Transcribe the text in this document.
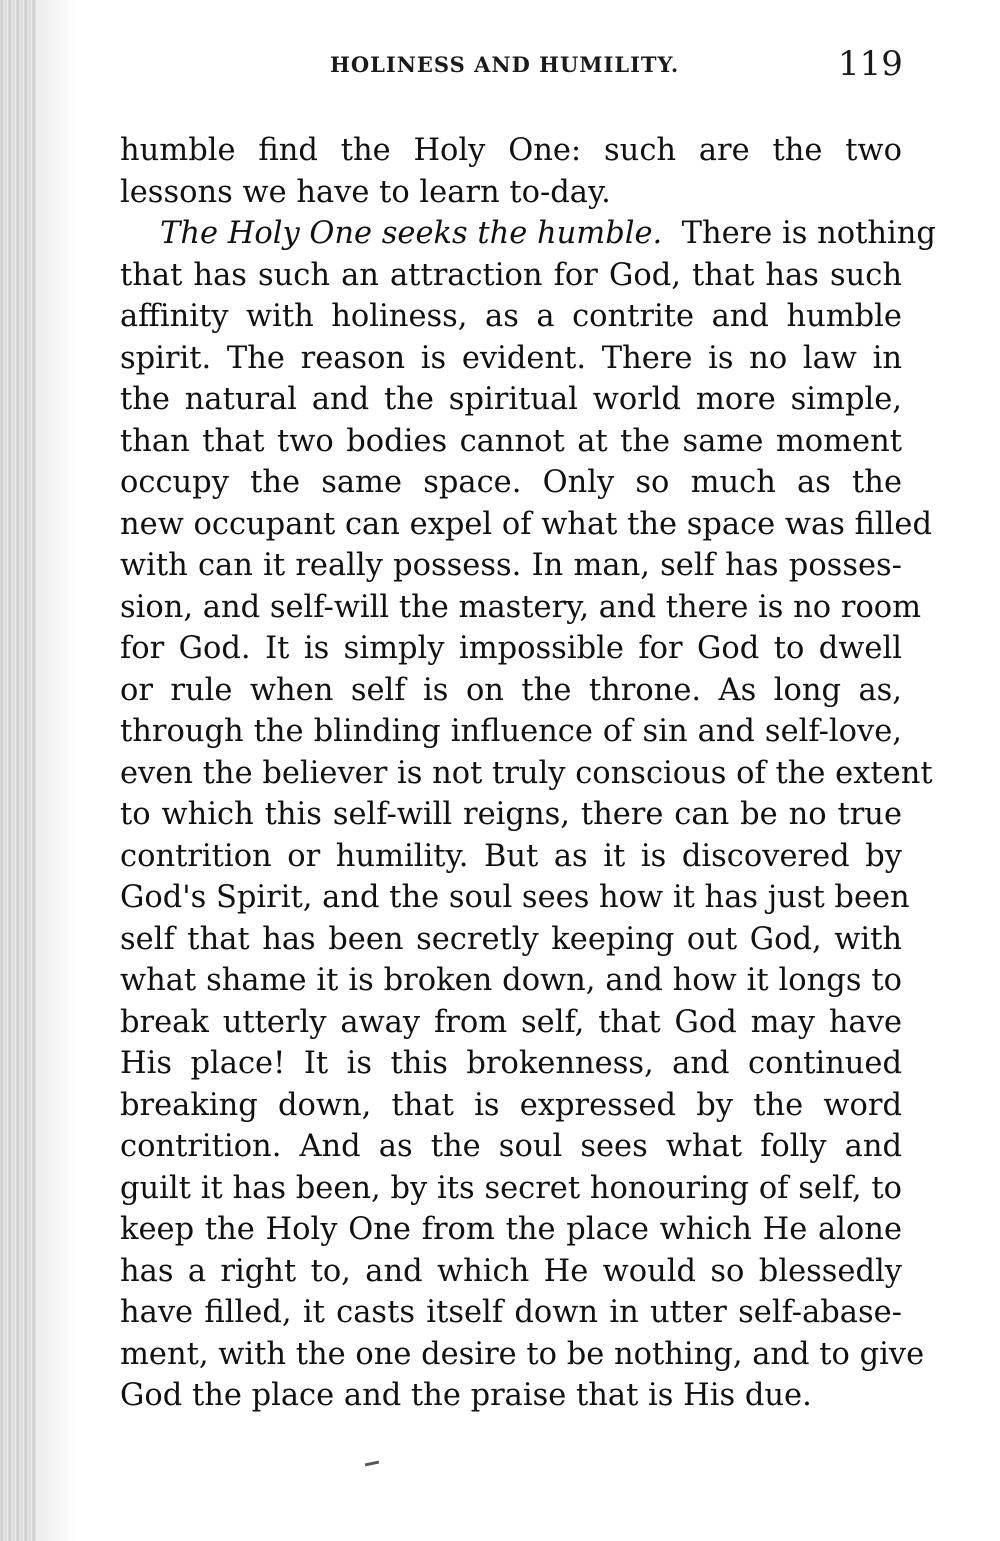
HOLINESS AND HUMILITY.	119
humble find the Holy One: such are the two
lessons we have to learn to-day.
The Holy One seeks the humble. There is nothing
that has such an attraction for God, that has such
affinity with holiness, as a contrite and humble
spirit. The reason is evident. There is no law in
the natural and the spiritual world more simple,
than that two bodies cannot at the same moment
occupy the same space. Only so much as the
new occupant can expel of what the space was filled
with can it really possess. In man, self has posses-
sion, and self-will the mastery, and there is no room
for God. It is simply impossible for God to dwell
or rule when self is on the throne. As long as,
through the blinding influence of sin and self-love,
even the believer is not truly conscious of the extent
to which this self-will reigns, there can be no true
contrition or humility. But as it is discovered by
God's Spirit, and the soul sees how it has just been
self that has been secretly keeping out God, with
what shame it is broken down, and how it longs to
break utterly away from self, that God may have
His place! It is this brokenness, and continued
breaking down, that is expressed by the word
contrition. And as the soul sees what folly and
guilt it has been, by its secret honouring of self, to
keep the Holy One from the place which He alone
has a right to, and which He would so blessedly
have filled, it casts itself down in utter self-abase-
ment, with the one desire to be nothing, and to give
God the place and the praise that is His due.
